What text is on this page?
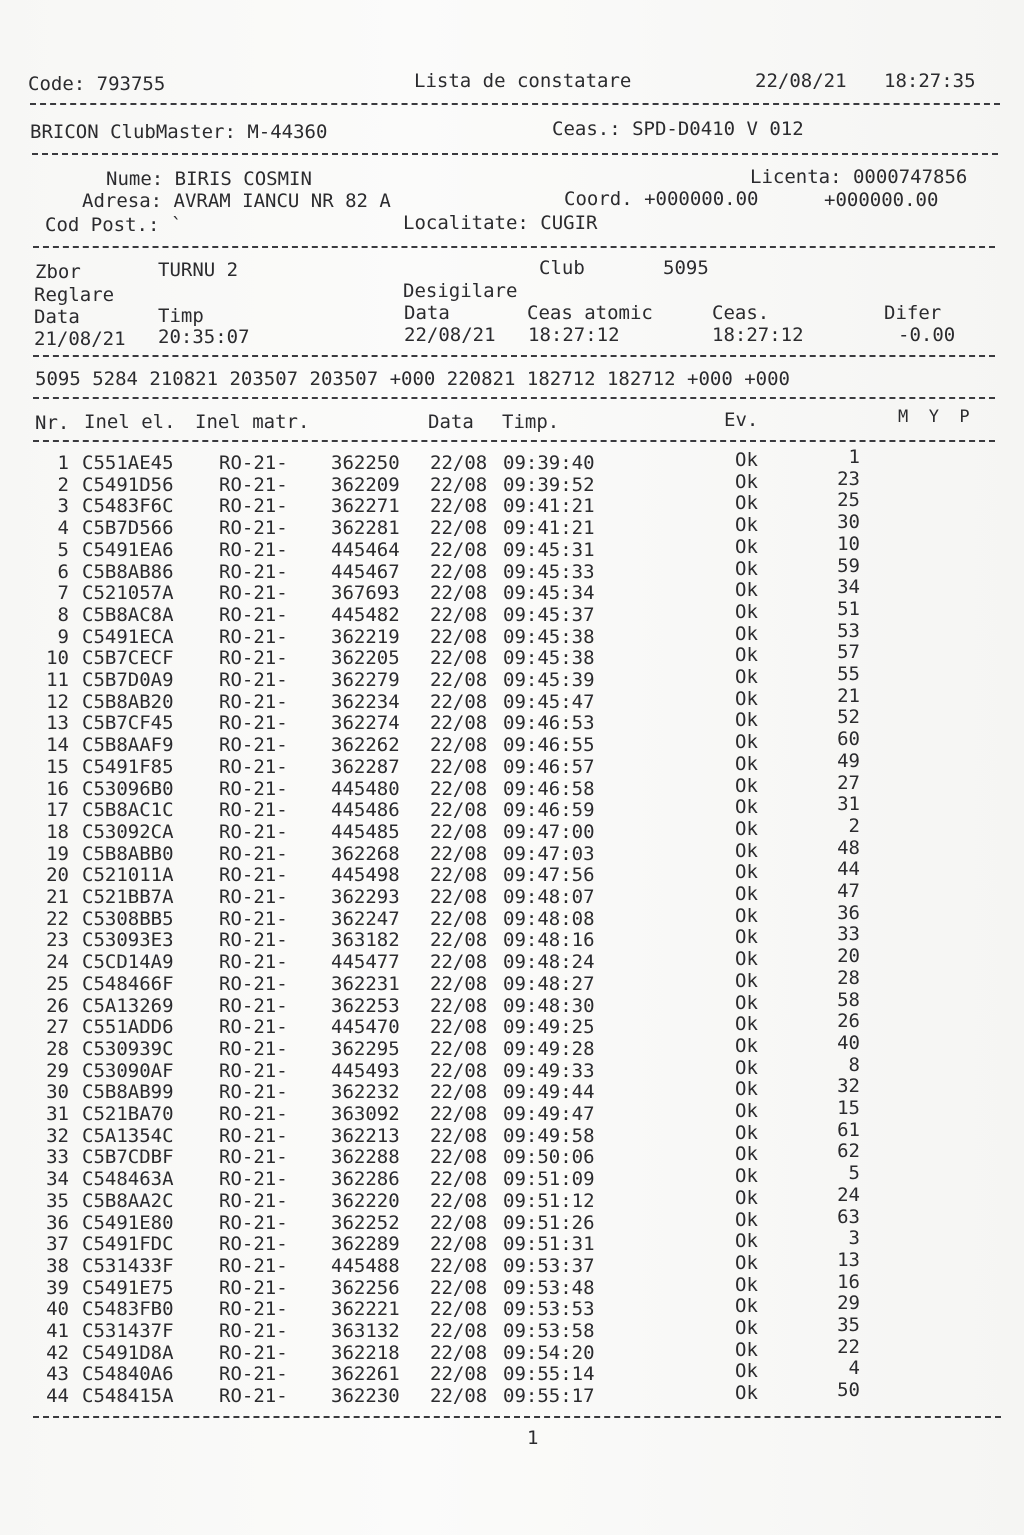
Code: 793755	Lista de constatare	22/08/21 18:27:35
BRICON ClubMaster: M-44360	Ceas.: SPD-D0410 V 012
Nume: BIRIS COSMIN	Licenta: 0000747856
Adresa: AVRAM IANCU NR 82 A	Coord. +000000.00	+000000.00
Cod Post.: `	Localitate: CUGIR
Zbor	TURNU 2	Club	5095
Reglare	Desigilare
Data	Timp	Data	Ceas atomic	Ceas.	Difer
21/08/21 20:35:07	22/08/21 18:27:12	18:27:12	-0.00
5095 5284 210821 203507 203507 +000 220821 182712 182712 +000 +000
Nr. Inel el. Inel matr.	Data Timp.	Ev.	M  Y  P
1 C551AE45 RO-21- 362250 22/08 09:39:40	Ok	1
2 C5491D56 RO-21- 362209 22/08 09:39:52	Ok	23
3 C5483F6C RO-21- 362271 22/08 09:41:21	Ok	25
4 C5B7D566 RO-21- 362281 22/08 09:41:21	Ok	30
5 C5491EA6 RO-21- 445464 22/08 09:45:31	Ok	10
6 C5B8AB86 RO-21- 445467 22/08 09:45:33	Ok	59
7 C521057A RO-21- 367693 22/08 09:45:34	Ok	34
8 C5B8AC8A RO-21- 445482 22/08 09:45:37	Ok	51
9 C5491ECA RO-21- 362219 22/08 09:45:38	Ok	53
10 C5B7CECF RO-21- 362205 22/08 09:45:38	Ok	57
11 C5B7D0A9 RO-21- 362279 22/08 09:45:39	Ok	55
12 C5B8AB20 RO-21- 362234 22/08 09:45:47	Ok	21
13 C5B7CF45 RO-21- 362274 22/08 09:46:53	Ok	52
14 C5B8AAF9 RO-21- 362262 22/08 09:46:55	Ok	60
15 C5491F85 RO-21- 362287 22/08 09:46:57	Ok	49
16 C53096B0 RO-21- 445480 22/08 09:46:58	Ok	27
17 C5B8AC1C RO-21- 445486 22/08 09:46:59	Ok	31
18 C53092CA RO-21- 445485 22/08 09:47:00	Ok	2
19 C5B8ABB0 RO-21- 362268 22/08 09:47:03	Ok	48
20 C521011A RO-21- 445498 22/08 09:47:56	Ok	44
21 C521BB7A RO-21- 362293 22/08 09:48:07	Ok	47
22 C5308BB5 RO-21- 362247 22/08 09:48:08	Ok	36
23 C53093E3 RO-21- 363182 22/08 09:48:16	Ok	33
24 C5CD14A9 RO-21- 445477 22/08 09:48:24	Ok	20
25 C548466F RO-21- 362231 22/08 09:48:27	Ok	28
26 C5A13269 RO-21- 362253 22/08 09:48:30	Ok	58
27 C551ADD6 RO-21- 445470 22/08 09:49:25	Ok	26
28 C530939C RO-21- 362295 22/08 09:49:28	Ok	40
29 C53090AF RO-21- 445493 22/08 09:49:33	Ok	8
30 C5B8AB99 RO-21- 362232 22/08 09:49:44	Ok	32
31 C521BA70 RO-21- 363092 22/08 09:49:47	Ok	15
32 C5A1354C RO-21- 362213 22/08 09:49:58	Ok	61
33 C5B7CDBF RO-21- 362288 22/08 09:50:06	Ok	62
34 C548463A RO-21- 362286 22/08 09:51:09	Ok	5
35 C5B8AA2C RO-21- 362220 22/08 09:51:12	Ok	24
36 C5491E80 RO-21- 362252 22/08 09:51:26	Ok	63
37 C5491FDC RO-21- 362289 22/08 09:51:31	Ok	3
38 C531433F RO-21- 445488 22/08 09:53:37	Ok	13
39 C5491E75 RO-21- 362256 22/08 09:53:48	Ok	16
40 C5483FB0 RO-21- 362221 22/08 09:53:53	Ok	29
41 C531437F RO-21- 363132 22/08 09:53:58	Ok	35
42 C5491D8A RO-21- 362218 22/08 09:54:20	Ok	22
43 C54840A6 RO-21- 362261 22/08 09:55:14	Ok	4
44 C548415A RO-21- 362230 22/08 09:55:17	Ok	50
1
